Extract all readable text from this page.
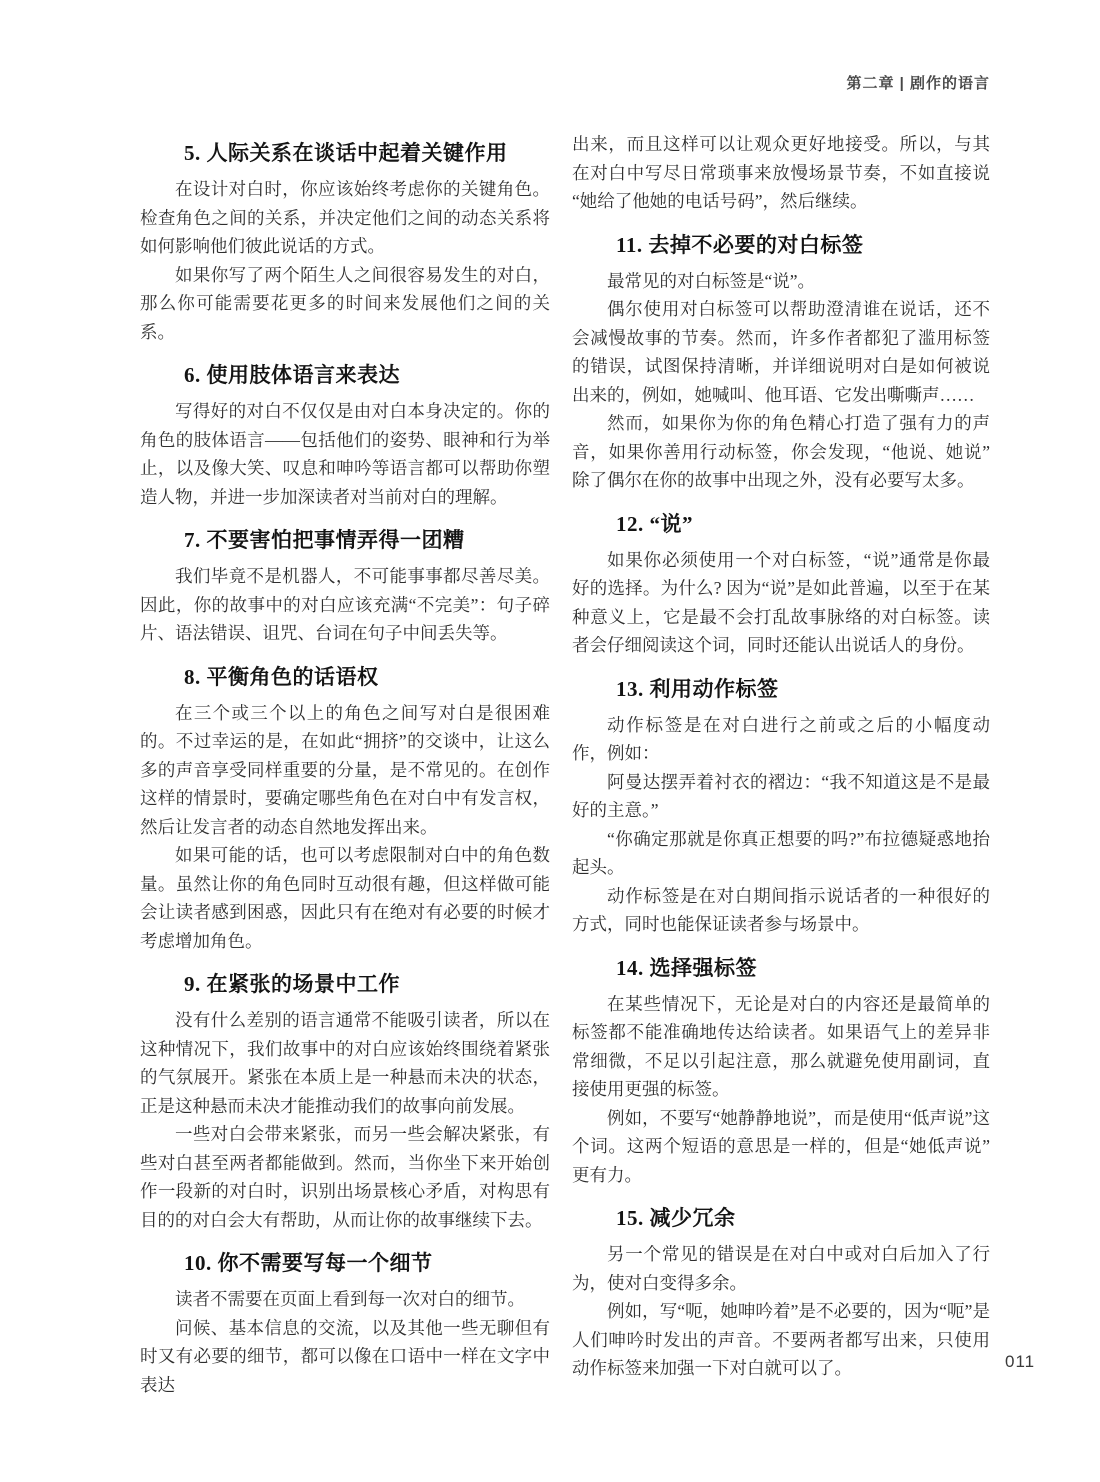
第二章 | 剧作的语言
5. 人际关系在谈话中起着关键作用

在设计对白时，你应该始终考虑你的关键角色。检查角色之间的关系，并决定他们之间的动态关系将如何影响他们彼此说话的方式。

如果你写了两个陌生人之间很容易发生的对白，那么你可能需要花更多的时间来发展他们之间的关系。

6. 使用肢体语言来表达

写得好的对白不仅仅是由对白本身决定的。你的角色的肢体语言——包括他们的姿势、眼神和行为举止，以及像大笑、叹息和呻吟等语言都可以帮助你塑造人物，并进一步加深读者对当前对白的理解。

7. 不要害怕把事情弄得一团糟

我们毕竟不是机器人，不可能事事都尽善尽美。因此，你的故事中的对白应该充满“不完美”：句子碎片、语法错误、诅咒、台词在句子中间丢失等。

8. 平衡角色的话语权

在三个或三个以上的角色之间写对白是很困难的。不过幸运的是，在如此“拥挤”的交谈中，让这么多的声音享受同样重要的分量，是不常见的。在创作这样的情景时，要确定哪些角色在对白中有发言权，然后让发言者的动态自然地发挥出来。

如果可能的话，也可以考虑限制对白中的角色数量。虽然让你的角色同时互动很有趣，但这样做可能会让读者感到困惑，因此只有在绝对有必要的时候才考虑增加角色。

9. 在紧张的场景中工作

没有什么差别的语言通常不能吸引读者，所以在这种情况下，我们故事中的对白应该始终围绕着紧张的气氛展开。紧张在本质上是一种悬而未决的状态，正是这种悬而未决才能推动我们的故事向前发展。

一些对白会带来紧张，而另一些会解决紧张，有些对白甚至两者都能做到。然而，当你坐下来开始创作一段新的对白时，识别出场景核心矛盾，对构思有目的的对白会大有帮助，从而让你的故事继续下去。

10. 你不需要写每一个细节

读者不需要在页面上看到每一次对白的细节。

问候、基本信息的交流，以及其他一些无聊但有时又有必要的细节，都可以像在口语中一样在文字中表达

出来，而且这样可以让观众更好地接受。所以，与其在对白中写尽日常琐事来放慢场景节奏，不如直接说“她给了他她的电话号码”，然后继续。

11. 去掉不必要的对白标签

最常见的对白标签是“说”。

偶尔使用对白标签可以帮助澄清谁在说话，还不会减慢故事的节奏。然而，许多作者都犯了滥用标签的错误，试图保持清晰，并详细说明对白是如何被说出来的，例如，她喊叫、他耳语、它发出嘶嘶声……

然而，如果你为你的角色精心打造了强有力的声音，如果你善用行动标签，你会发现，“他说、她说”除了偶尔在你的故事中出现之外，没有必要写太多。

12. “说”

如果你必须使用一个对白标签，“说”通常是你最好的选择。为什么? 因为“说”是如此普遍，以至于在某种意义上，它是最不会打乱故事脉络的对白标签。读者会仔细阅读这个词，同时还能认出说话人的身份。

13. 利用动作标签

动作标签是在对白进行之前或之后的小幅度动作，例如：

阿曼达摆弄着衬衣的褶边：“我不知道这是不是最好的主意。”

“你确定那就是你真正想要的吗?”布拉德疑惑地抬起头。

动作标签是在对白期间指示说话者的一种很好的方式，同时也能保证读者参与场景中。

14. 选择强标签

在某些情况下，无论是对白的内容还是最简单的标签都不能准确地传达给读者。如果语气上的差异非常细微，不足以引起注意，那么就避免使用副词，直接使用更强的标签。

例如，不要写“她静静地说”，而是使用“低声说”这个词。这两个短语的意思是一样的，但是“她低声说”更有力。

15. 减少冗余

另一个常见的错误是在对白中或对白后加入了行为，使对白变得多余。

例如，写“呃，她呻吟着”是不必要的，因为“呃”是人们呻吟时发出的声音。不要两者都写出来，只使用动作标签来加强一下对白就可以了。	011
